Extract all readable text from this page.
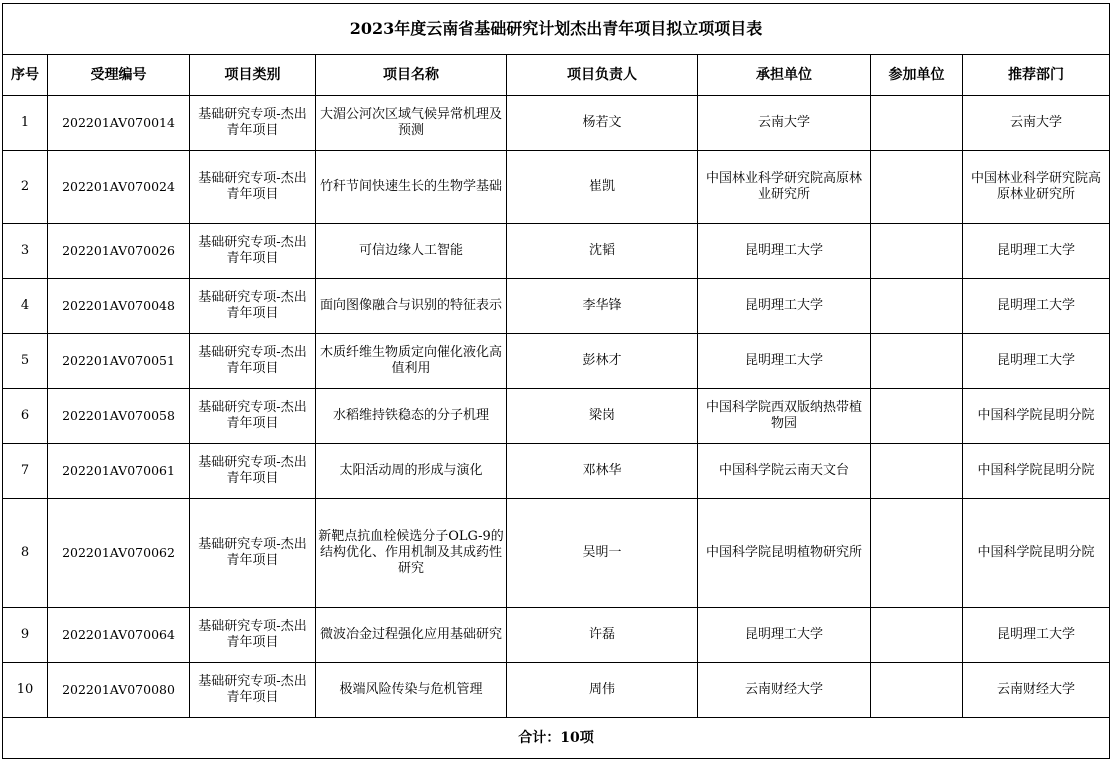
2023年度云南省基础研究计划杰出青年项目拟立项项目表							
序号	受理编号	项目类别	项目名称	项目负责人	承担单位	参加单位	推荐部门
1	202201AV070014	基础研究专项-杰出青年项目	大湄公河次区域气候异常机理及预测	杨若文	云南大学		云南大学
2	202201AV070024	基础研究专项-杰出青年项目	竹秆节间快速生长的生物学基础	崔凯	中国林业科学研究院高原林业研究所		中国林业科学研究院高原林业研究所
3	202201AV070026	基础研究专项-杰出青年项目	可信边缘人工智能	沈韬	昆明理工大学		昆明理工大学
4	202201AV070048	基础研究专项-杰出青年项目	面向图像融合与识别的特征表示	李华锋	昆明理工大学		昆明理工大学
5	202201AV070051	基础研究专项-杰出青年项目	木质纤维生物质定向催化液化高值利用	彭林才	昆明理工大学		昆明理工大学
6	202201AV070058	基础研究专项-杰出青年项目	水稻维持铁稳态的分子机理	梁岗	中国科学院西双版纳热带植物园		中国科学院昆明分院
7	202201AV070061	基础研究专项-杰出青年项目	太阳活动周的形成与演化	邓林华	中国科学院云南天文台		中国科学院昆明分院
8	202201AV070062	基础研究专项-杰出青年项目	新靶点抗血栓候选分子OLG-9的结构优化、作用机制及其成药性研究	吴明一	中国科学院昆明植物研究所		中国科学院昆明分院
9	202201AV070064	基础研究专项-杰出青年项目	微波冶金过程强化应用基础研究	许磊	昆明理工大学		昆明理工大学
10	202201AV070080	基础研究专项-杰出青年项目	极端风险传染与危机管理	周伟	云南财经大学		云南财经大学
合计：10项							
